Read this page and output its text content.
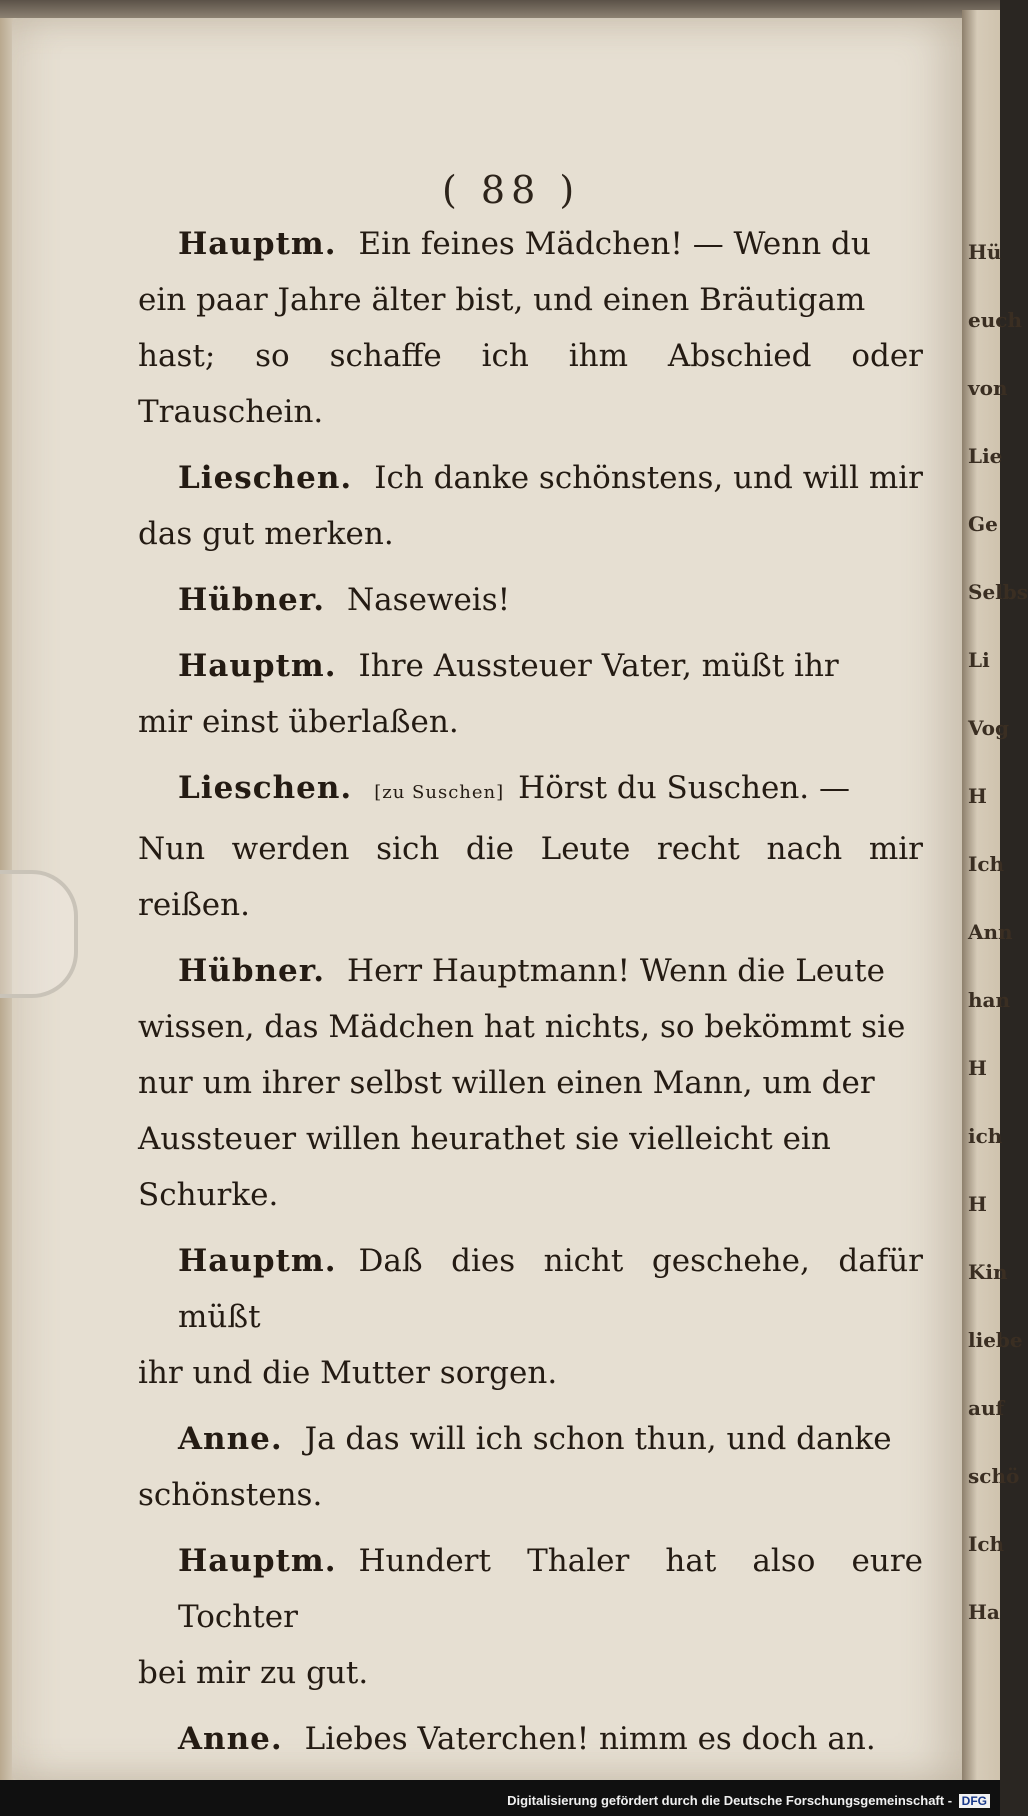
( 88 )
Hauptm. Ein feines Mädchen! — Wenn du
ein paar Jahre älter bist, und einen Bräutigam
hast; so schaffe ich ihm Abschied oder Trauschein.
Lieschen. Ich danke schönstens, und will mir
das gut merken.
Hübner. Naseweis!
Hauptm. Ihre Aussteuer Vater, müßt ihr
mir einst überlaßen.
Lieschen. [zu Suschen] Hörst du Suschen. —
Nun werden sich die Leute recht nach mir reißen.
Hübner. Herr Hauptmann! Wenn die Leute
wissen, das Mädchen hat nichts, so bekömmt sie
nur um ihrer selbst willen einen Mann, um der
Aussteuer willen heurathet sie vielleicht ein
Schurke.
Hauptm. Daß dies nicht geschehe, dafür müßt
ihr und die Mutter sorgen.
Anne. Ja das will ich schon thun, und danke
schönstens.
Hauptm. Hundert Thaler hat also eure Tochter
bei mir zu gut.
Anne. Liebes Vaterchen! nimm es doch an.
Hü
euch
von
Lie
Ge
Selbs
Li
Vog
H
Ich
Ann
han
H
ich
H
Kin
liebe
auf
schö
Ich
Ha
Digitalisierung gefördert durch die Deutsche Forschungsgemeinschaft - DFG
